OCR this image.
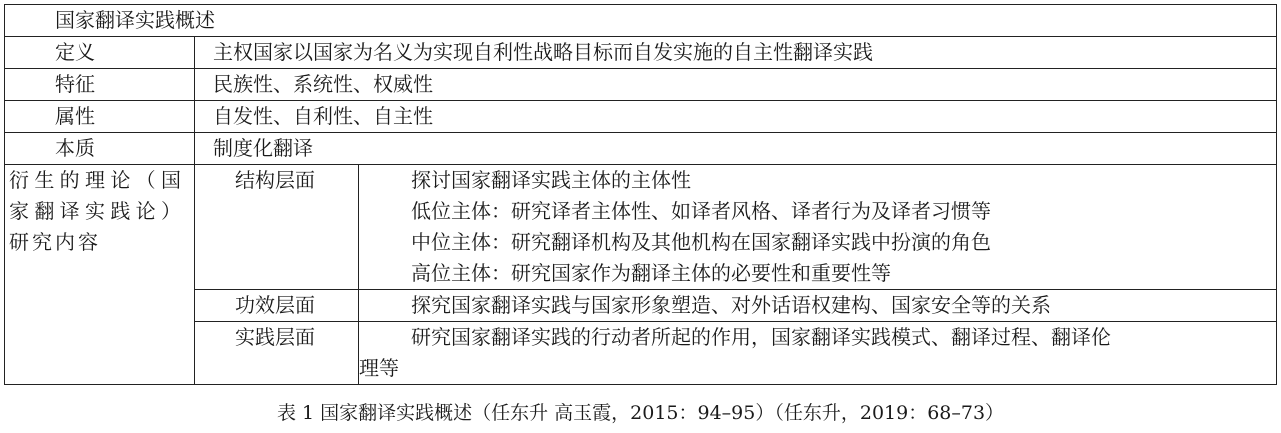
国家翻译实践概述		
定义	主权国家以国家为名义为实现自利性战略目标而自发实施的自主性翻译实践	
特征	民族性、系统性、权威性	
属性	自发性、自利性、自主性	
本质	制度化翻译	
衍生的理论（国家翻译实践论）研究内容	结构层面	探讨国家翻译实践主体的主体性
低位主体：研究译者主体性、如译者风格、译者行为及译者习惯等
中位主体：研究翻译机构及其他机构在国家翻译实践中扮演的角色
高位主体：研究国家作为翻译主体的必要性和重要性等

	功效层面	探究国家翻译实践与国家形象塑造、对外话语权建构、国家安全等的关系
	实践层面	研究国家翻译实践的行动者所起的作用，国家翻译实践模式、翻译过程、翻译伦
理等
表 1 国家翻译实践概述（任东升 高玉霞，2015：94–95）（任东升，2019：68–73）
